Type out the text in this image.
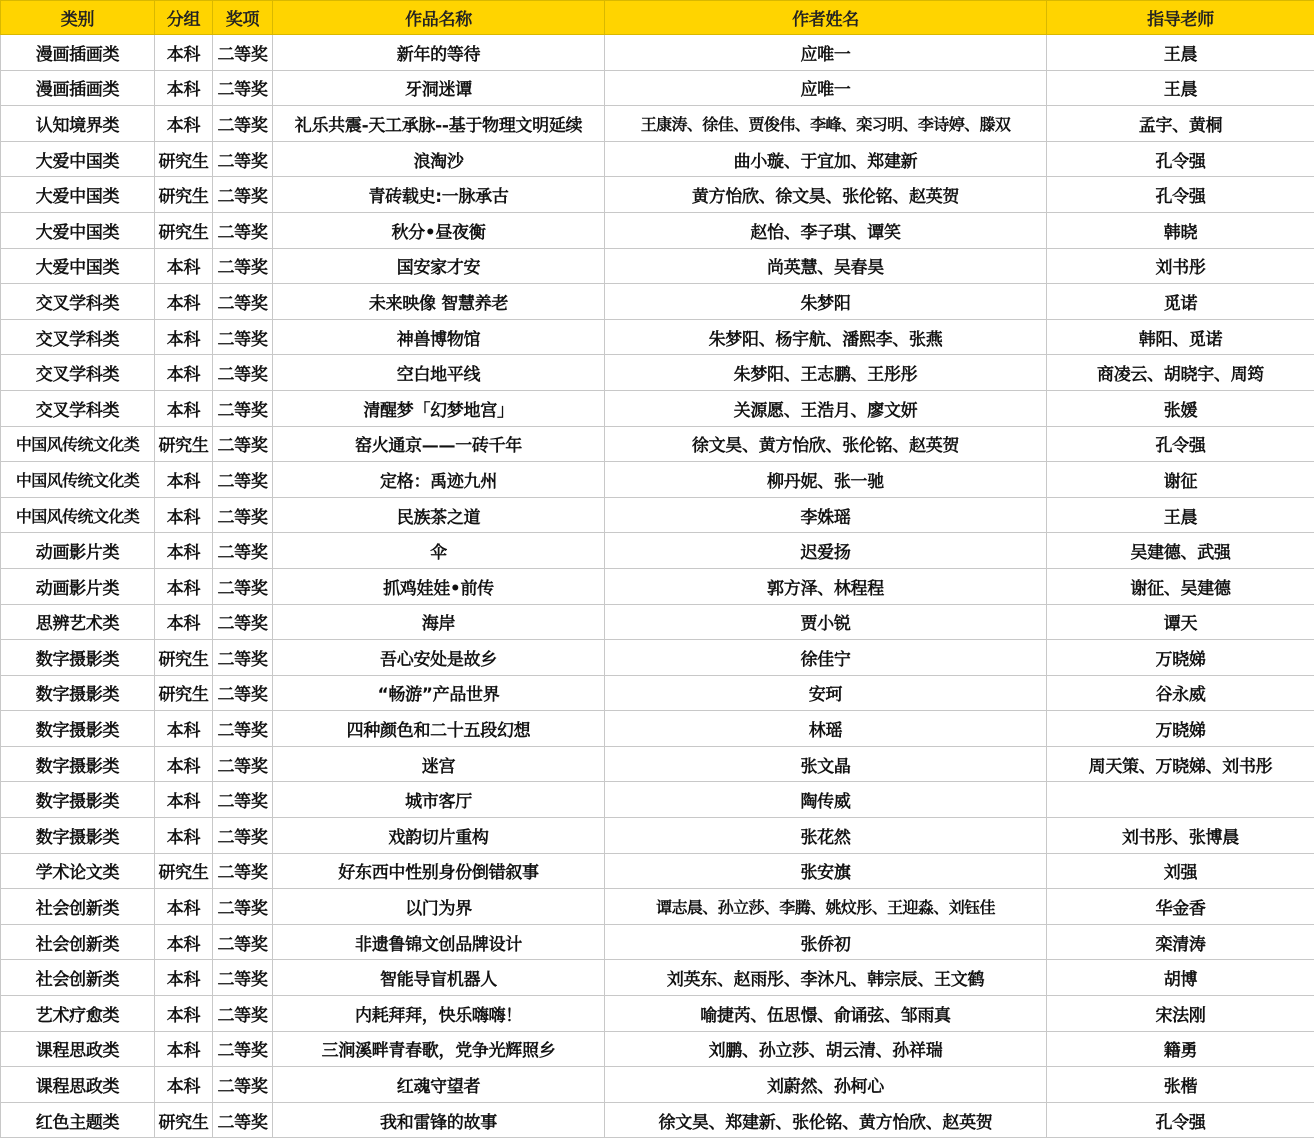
类别	分组	奖项	作品名称	作者姓名	指导老师
漫画插画类	本科	二等奖	新年的等待	应唯一	王晨
漫画插画类	本科	二等奖	牙洞迷谭	应唯一	王晨
认知境界类	本科	二等奖	礼乐共震-天工承脉--基于物理文明延续	王康涛、徐佳、贾俊伟、李峰、栾习明、李诗婷、滕双	孟宇、黄桐
大爱中国类	研究生	二等奖	浪淘沙	曲小璇、于宜加、郑建新	孔令强
大爱中国类	研究生	二等奖	青砖载史:一脉承古	黄方怡欣、徐文昊、张伦铭、赵英贺	孔令强
大爱中国类	研究生	二等奖	秋分•昼夜衡	赵怡、李子琪、谭笑	韩晓
大爱中国类	本科	二等奖	国安家才安	尚英慧、吴春昊	刘书彤
交叉学科类	本科	二等奖	未来映像 智慧养老	朱梦阳	觅诺
交叉学科类	本科	二等奖	神兽博物馆	朱梦阳、杨宇航、潘熙李、张燕	韩阳、觅诺
交叉学科类	本科	二等奖	空白地平线	朱梦阳、王志鹏、王彤彤	商凌云、胡晓宇、周筠
交叉学科类	本科	二等奖	清醒梦「幻梦地宫」	关源愿、王浩月、廖文妍	张媛
中国风传统文化类	研究生	二等奖	窑火通京——一砖千年	徐文昊、黄方怡欣、张伦铭、赵英贺	孔令强
中国风传统文化类	本科	二等奖	定格：禹迹九州	柳丹妮、张一驰	谢征
中国风传统文化类	本科	二等奖	民族茶之道	李姝瑶	王晨
动画影片类	本科	二等奖	伞	迟爱扬	吴建德、武强
动画影片类	本科	二等奖	抓鸡娃娃•前传	郭方泽、林程程	谢征、吴建德
思辨艺术类	本科	二等奖	海岸	贾小锐	谭天
数字摄影类	研究生	二等奖	吾心安处是故乡	徐佳宁	万晓娣
数字摄影类	研究生	二等奖	“畅游”产品世界	安珂	谷永威
数字摄影类	本科	二等奖	四种颜色和二十五段幻想	林瑶	万晓娣
数字摄影类	本科	二等奖	迷宫	张文晶	周天策、万晓娣、刘书彤
数字摄影类	本科	二等奖	城市客厅	陶传威	
数字摄影类	本科	二等奖	戏韵切片重构	张花然	刘书彤、张博晨
学术论文类	研究生	二等奖	好东西中性别身份倒错叙事	张安旗	刘强
社会创新类	本科	二等奖	以门为界	谭志晨、孙立莎、李腾、姚炆彤、王迎淼、刘钰佳	华金香
社会创新类	本科	二等奖	非遗鲁锦文创品牌设计	张侨初	栾清涛
社会创新类	本科	二等奖	智能导盲机器人	刘英东、赵雨彤、李沐凡、韩宗辰、王文鹤	胡博
艺术疗愈类	本科	二等奖	内耗拜拜，快乐嗨嗨！	喻捷芮、伍思憬、俞诵弦、邹雨真	宋法刚
课程思政类	本科	二等奖	三涧溪畔青春歌，党争光辉照乡	刘鹏、孙立莎、胡云清、孙祥瑞	籍勇
课程思政类	本科	二等奖	红魂守望者	刘蔚然、孙柯心	张楷
红色主题类	研究生	二等奖	我和雷锋的故事	徐文昊、郑建新、张伦铭、黄方怡欣、赵英贺	孔令强
